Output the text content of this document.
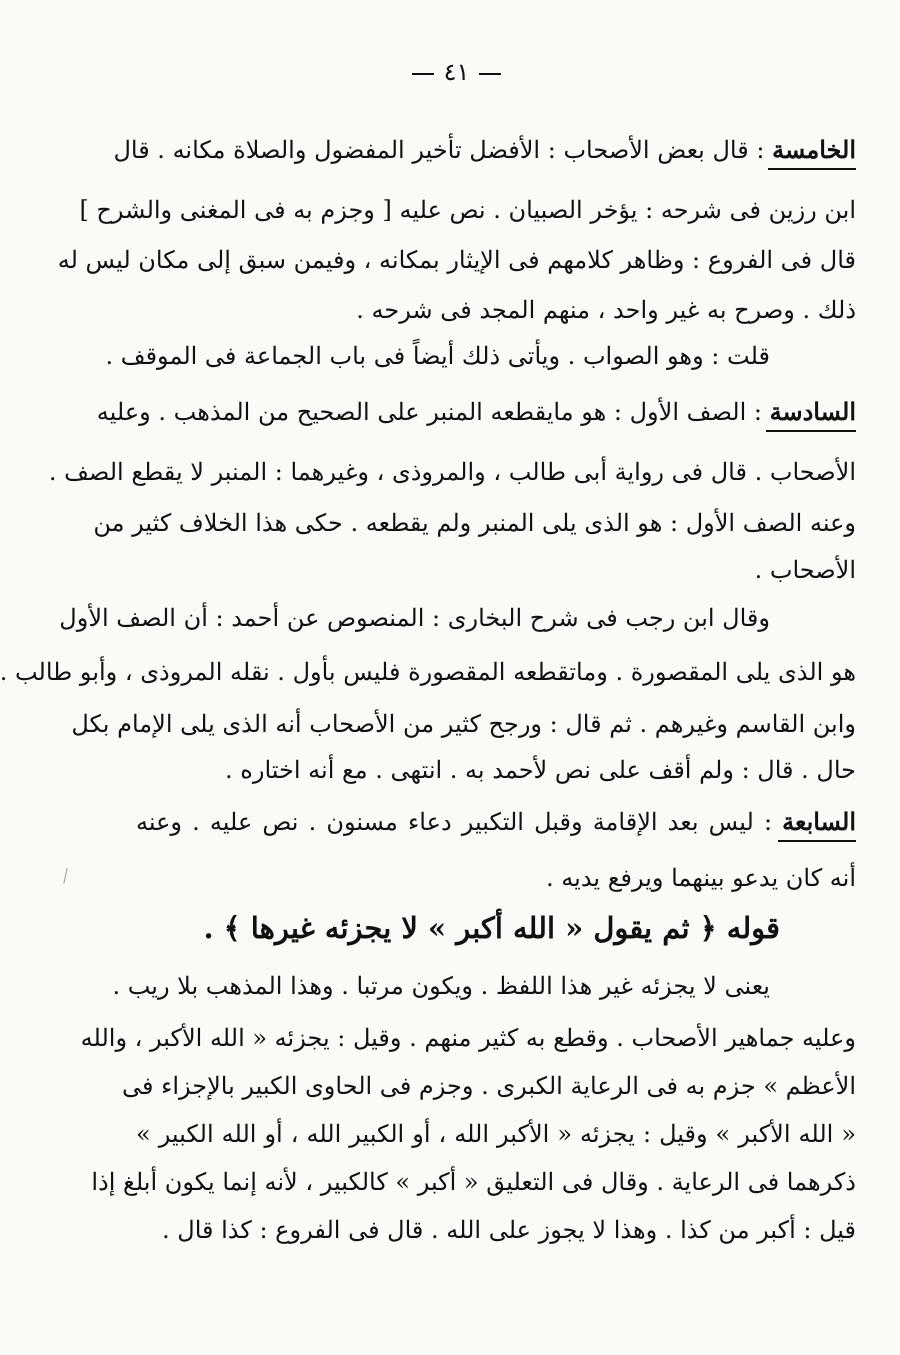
٤١
الخامسة : قال بعض الأصحاب : الأفضل تأخير المفضول والصلاة مكانه . قال
ابن رزين فى شرحه : يؤخر الصبيان . نص عليه [ وجزم به فى المغنى والشرح ]
قال فى الفروع : وظاهر كلامهم فى الإيثار بمكانه ، وفيمن سبق إلى مكان ليس له
ذلك . وصرح به غير واحد ، منهم المجد فى شرحه .
قلت : وهو الصواب . ويأتى ذلك أيضاً فى باب الجماعة فى الموقف .
السادسة : الصف الأول : هو مايقطعه المنبر على الصحيح من المذهب . وعليه
الأصحاب . قال فى رواية أبى طالب ، والمروذى ، وغيرهما : المنبر لا يقطع الصف .
وعنه الصف الأول : هو الذى يلى المنبر ولم يقطعه . حكى هذا الخلاف كثير من
الأصحاب .
وقال ابن رجب فى شرح البخارى : المنصوص عن أحمد : أن الصف الأول
هو الذى يلى المقصورة . وماتقطعه المقصورة فليس بأول . نقله المروذى ، وأبو طالب .
وابن القاسم وغيرهم . ثم قال : ورجح كثير من الأصحاب أنه الذى يلى الإمام بكل
حال . قال : ولم أقف على نص لأحمد به . انتهى . مع أنه اختاره .
السابعة : ليس بعد الإقامة وقبل التكبير دعاء مسنون . نص عليه . وعنه
أنه كان يدعو بينهما ويرفع يديه .
قوله ﴿ ثم يقول « الله أكبر » لا يجزئه غيرها ﴾ .
يعنى لا يجزئه غير هذا اللفظ . ويكون مرتبا . وهذا المذهب بلا ريب .
وعليه جماهير الأصحاب . وقطع به كثير منهم . وقيل : يجزئه « الله الأكبر ، والله
الأعظم » جزم به فى الرعاية الكبرى . وجزم فى الحاوى الكبير بالإجزاء فى
« الله الأكبر » وقيل : يجزئه « الأكبر الله ، أو الكبير الله ، أو الله الكبير »
ذكرهما فى الرعاية . وقال فى التعليق « أكبر » كالكبير ، لأنه إنما يكون أبلغ إذا
قيل : أكبر من كذا . وهذا لا يجوز على الله . قال فى الفروع : كذا قال .
